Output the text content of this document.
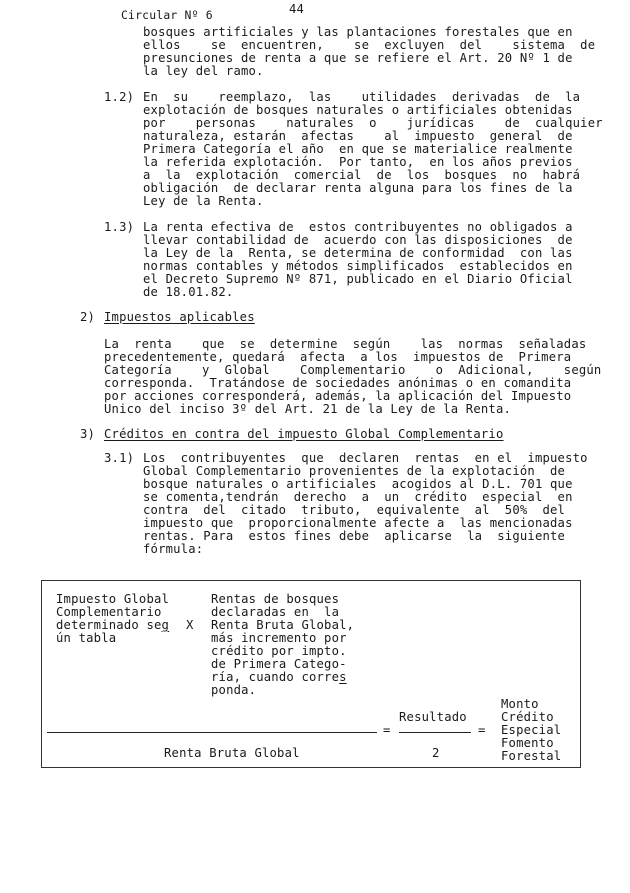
Circular Nº 6	44
bosques artificiales y las plantaciones forestales que en
ellos    se  encuentren,    se  excluyen  del    sistema  de
presunciones de renta a que se refiere el Art. 20 Nº 1 de
la ley del ramo.
1.2) En  su    reemplazo,  las    utilidades  derivadas  de  la
explotación de bosques naturales o artificiales obtenidas
por    personas    naturales  o    jurídicas    de  cualquier
naturaleza, estarán  afectas    al  impuesto  general  de
Primera Categoría el año  en que se materialice realmente
la referida explotación.  Por tanto,  en los años previos
a  la  explotación  comercial  de  los  bosques  no  habrá
obligación  de declarar renta alguna para los fines de la
Ley de la Renta.
1.3) La renta efectiva de  estos contribuyentes no obligados a
llevar contabilidad de  acuerdo con las disposiciones  de
la Ley de la  Renta, se determina de conformidad  con las
normas contables y métodos simplificados  establecidos en
el Decreto Supremo Nº 871, publicado en el Diario Oficial
de 18.01.82.
2) Impuestos aplicables
La  renta    que  se  determine  según    las  normas  señaladas
precedentemente, quedará  afecta  a los  impuestos de  Primera
Categoría    y  Global    Complementario    o  Adicional,    según
corresponda.  Tratándose de sociedades anónimas o en comandita
por acciones corresponderá, además, la aplicación del Impuesto
Unico del inciso 3º del Art. 21 de la Ley de la Renta.
3) Créditos en contra del impuesto Global Complementario
3.1) Los  contribuyentes  que  declaren  rentas  en el  impuesto
Global Complementario provenientes de la explotación  de
bosque naturales o artificiales  acogidos al D.L. 701 que
se comenta,tendrán  derecho  a  un  crédito  especial  en
contra  del  citado  tributo,  equivalente  al  50%  del
impuesto que  proporcionalmente afecte a  las mencionadas
rentas. Para  estos fines debe  aplicarse  la  siguiente
fórmula:
Impuesto Global
Complementario
determinado seg
ún tabla
X
Rentas de bosques
declaradas en  la
Renta Bruta Global,
más incremento por
crédito por impto.
de Primera Catego-
ría, cuando corres
ponda.
Monto
Crédito
Especial
Fomento
Forestal
Resultado
=	=
Renta Bruta Global	2
